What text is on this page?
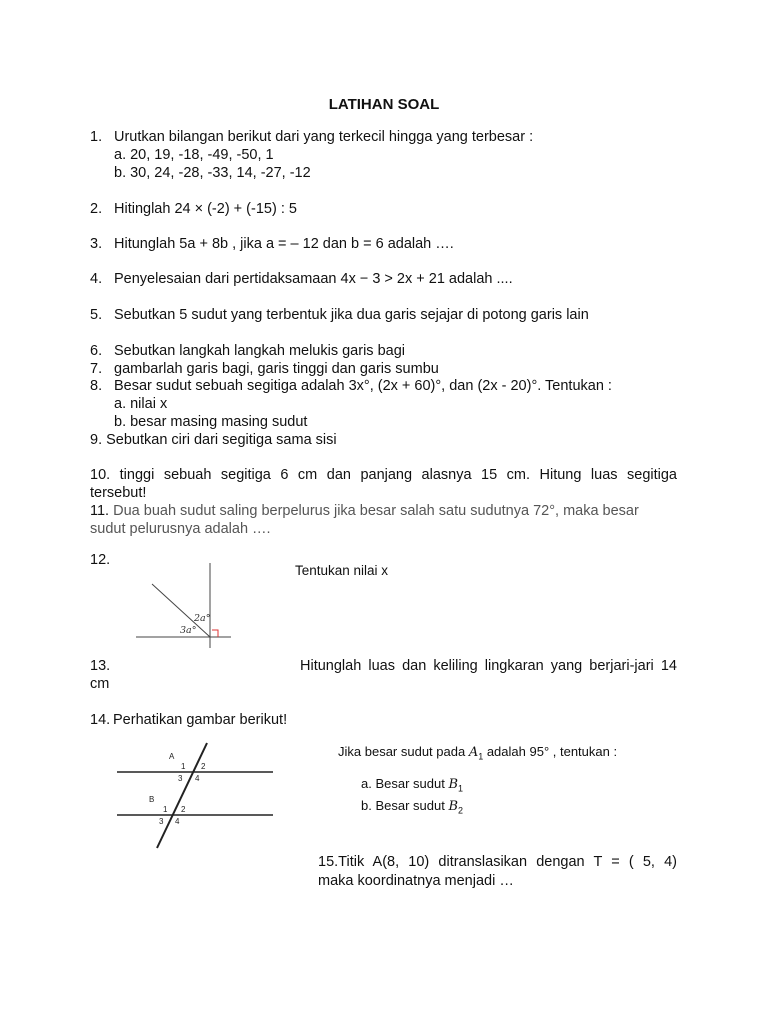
LATIHAN SOAL
1. Urutkan bilangan berikut dari yang terkecil hingga yang terbesar :
a. 20, 19, -18, -49, -50, 1
b. 30, 24, -28, -33, 14, -27, -12
2. Hitinglah 24 × (-2) + (-15) : 5
3. Hitunglah 5a + 8b , jika a = – 12 dan b = 6 adalah ….
4. Penyelesaian dari pertidaksamaan 4x − 3 > 2x + 21 adalah ....
5. Sebutkan 5 sudut yang terbentuk jika dua garis sejajar di potong garis lain
6. Sebutkan langkah langkah melukis garis bagi
7. gambarlah garis bagi, garis tinggi dan garis sumbu
8. Besar sudut sebuah segitiga adalah 3x°, (2x + 60)°, dan (2x - 20)°. Tentukan :
a. nilai x
b. besar masing masing sudut
9. Sebutkan ciri dari segitiga sama sisi
10. tinggi sebuah segitiga 6 cm dan panjang alasnya 15 cm. Hitung luas segitiga
tersebut!
11. Dua buah sudut saling berpelurus jika besar salah satu sudutnya 72°, maka besar
sudut pelurusnya adalah ….
12.
Tentukan nilai x
2a°
3a°
13.	Hitunglah luas dan keliling lingkaran yang berjari-jari 14
cm
14. Perhatikan gambar berikut!
A
B
1 2
3 4
1 2
3 4
Jika besar sudut pada $A_1$ adalah 95° , tentukan :
a. Besar sudut $B_1$
b. Besar sudut $B_2$
15.Titik A(8, 10) ditranslasikan dengan T = ( 5, 4)
maka koordinatnya menjadi …
